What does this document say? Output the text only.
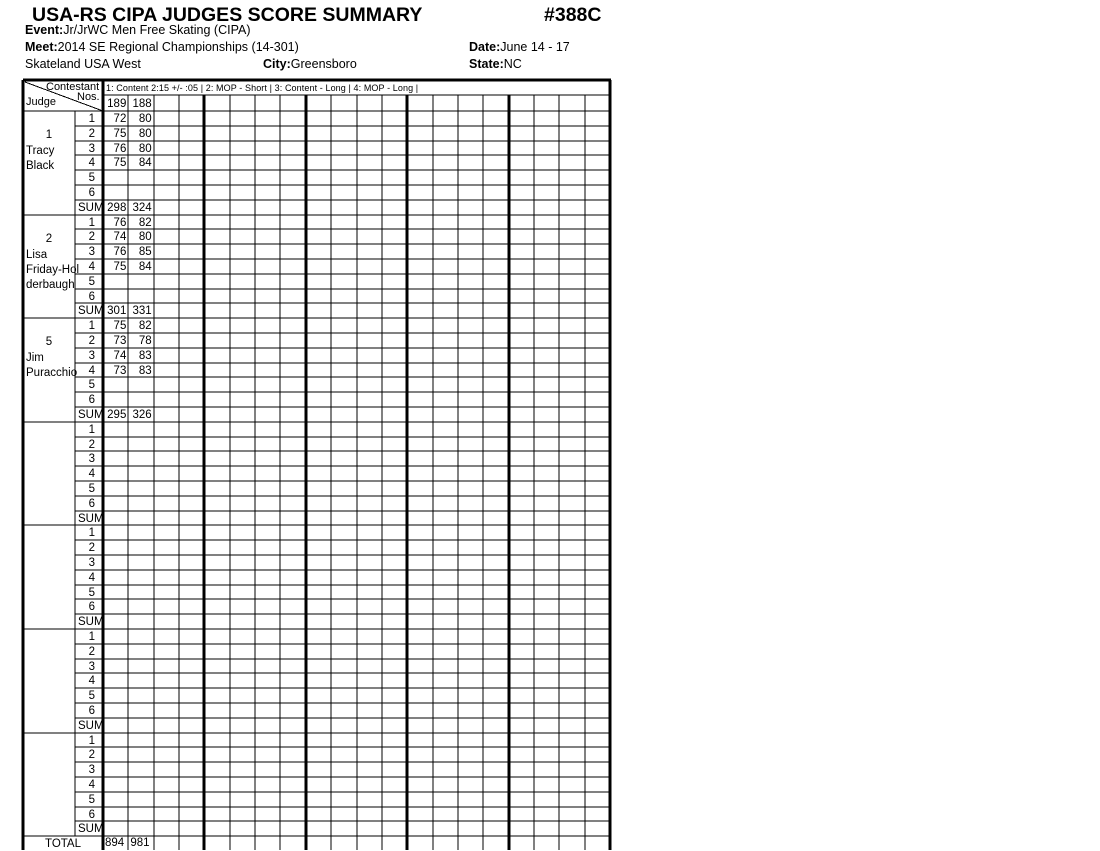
USA-RS CIPA JUDGES SCORE SUMMARY	#388C
Event:Jr/JrWC Men Free Skating (CIPA)
Meet:2014 SE Regional Championships (14-301)	Date:June 14 - 17
Skateland USA West	City:Greensboro	State:NC
Contestant
Nos.
Judge
1: Content 2:15 +/- :05 | 2: MOP - Short | 3: Content - Long | 4: MOP - Long |
189 188
1
Tracy
Black
1	72	80
2	75	80
3	76	80
4	75	84
5
6
SUM 298 324
2
Lisa
Friday-Hol
derbaugh
1	76	82
2	74	80
3	76	85
4	75	84
5
6
SUM 301 331
5
Jim
Puracchio
1	75	82
2	73	78
3	74	83
4	73	83
5
6
SUM 295 326
1
2
3
4
5
6
SUM
1
2
3
4
5
6
SUM
1
2
3
4
5
6
SUM
1
2
3
4
5
6
SUM
TOTAL	894 981
